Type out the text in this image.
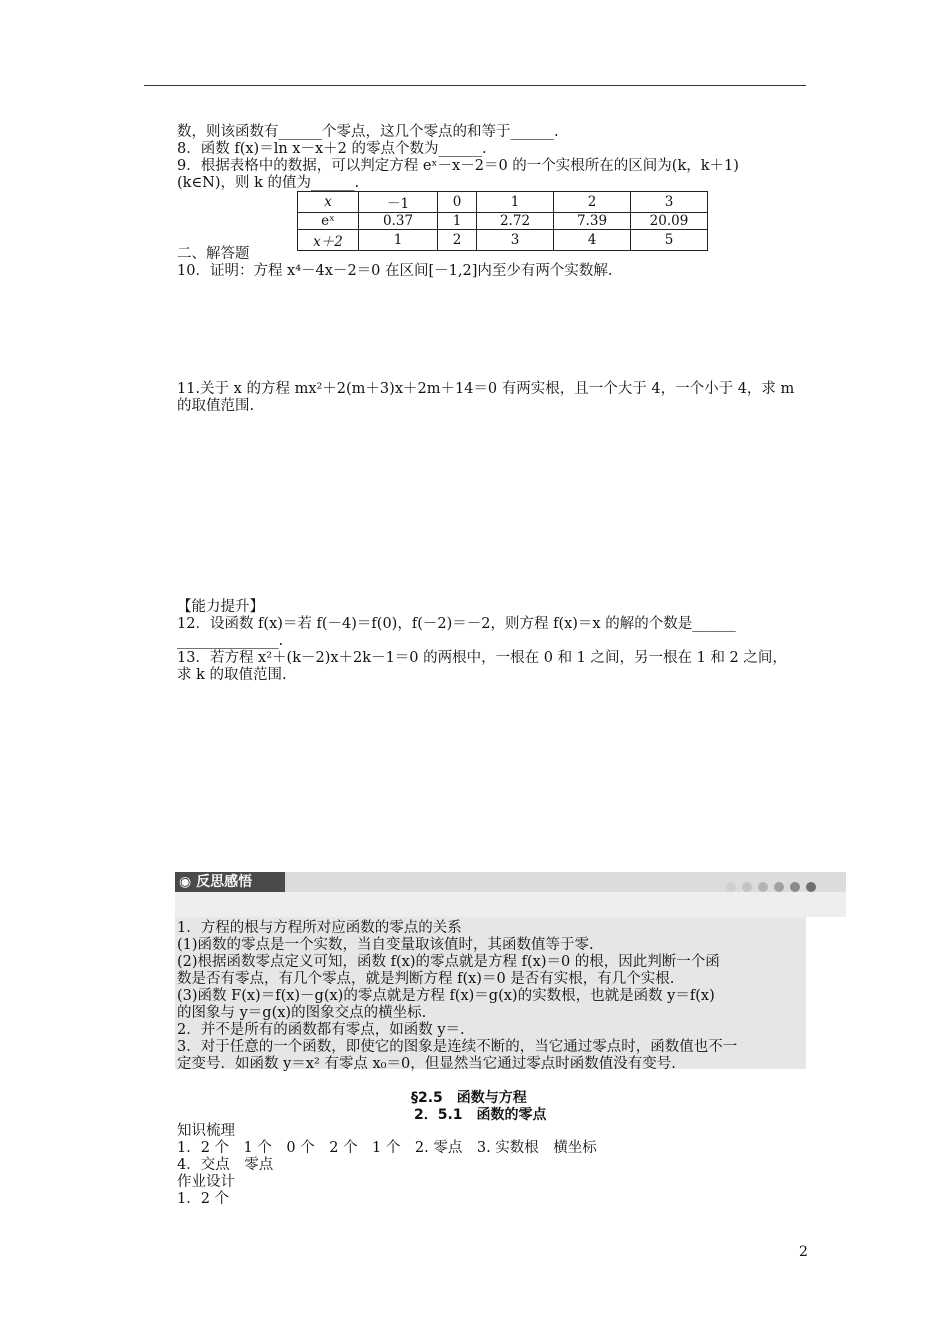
数，则该函数有______个零点，这几个零点的和等于______.
8．函数 f(x)＝ln x－x＋2 的零点个数为______.
9．根据表格中的数据，可以判定方程 eˣ－x－2＝0 的一个实根所在的区间为(k，k＋1)
(k∈N)，则 k 的值为______.
x	－1	0	1	2	3
eˣ	0.37	1	2.72	7.39	20.09
x＋2	1	2	3	4	5
二、解答题
10．证明：方程 x⁴－4x－2＝0 在区间[－1,2]内至少有两个实数解.
11.关于 x 的方程 mx²＋2(m＋3)x＋2m＋14＝0 有两实根，且一个大于 4，一个小于 4，求 m
的取值范围.
【能力提升】
12．设函数 f(x)＝若 f(－4)＝f(0)，f(－2)＝－2，则方程 f(x)＝x 的解的个数是______
______________.
13．若方程 x²＋(k－2)x＋2k－1＝0 的两根中，一根在 0 和 1 之间，另一根在 1 和 2 之间，
求 k 的取值范围.
◉ 反思感悟
1．方程的根与方程所对应函数的零点的关系
(1)函数的零点是一个实数，当自变量取该值时，其函数值等于零.
(2)根据函数零点定义可知，函数 f(x)的零点就是方程 f(x)＝0 的根，因此判断一个函
数是否有零点，有几个零点，就是判断方程 f(x)＝0 是否有实根，有几个实根.
(3)函数 F(x)＝f(x)－g(x)的零点就是方程 f(x)＝g(x)的实数根，也就是函数 y＝f(x)
的图象与 y＝g(x)的图象交点的横坐标.
2．并不是所有的函数都有零点，如函数 y＝.
3．对于任意的一个函数，即使它的图象是连续不断的，当它通过零点时，函数值也不一
定变号．如函数 y＝x² 有零点 x₀＝0，但显然当它通过零点时函数值没有变号.
§2.5　函数与方程
2．5.1　函数的零点
知识梳理
1．2 个　1 个　0 个　2 个　1 个　2. 零点　3. 实数根　横坐标
4．交点　零点
作业设计
1．2 个
2
